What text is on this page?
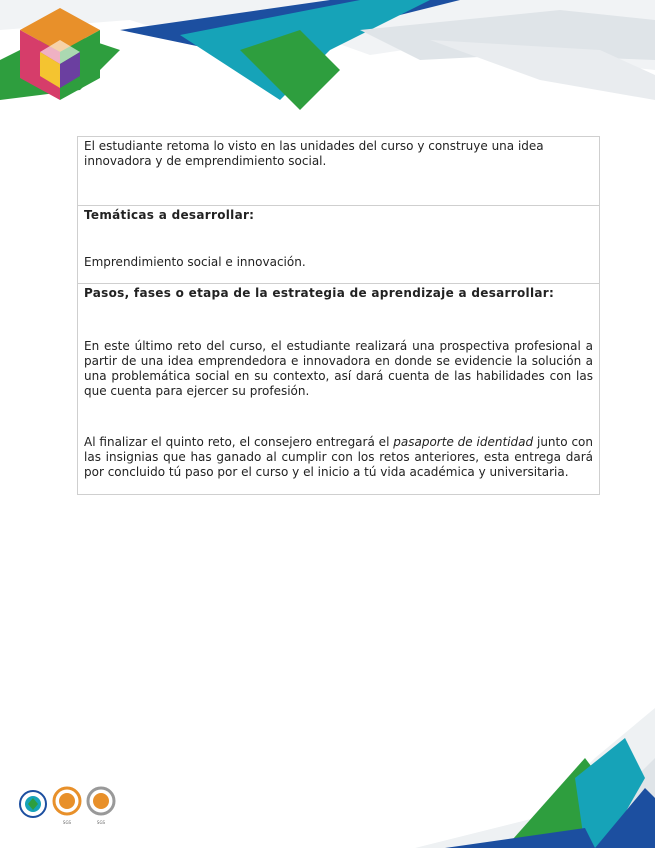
El estudiante retoma lo visto en las unidades del curso y construye una idea innovadora y de emprendimiento social.
Temáticas a desarrollar:
Emprendimiento social e innovación.
Pasos, fases o etapa de la estrategia de aprendizaje a desarrollar:
En este último reto del curso, el estudiante realizará una prospectiva profesional a partir de una idea emprendedora e innovadora en donde se evidencie la solución a una problemática social en su contexto, así dará cuenta de las habilidades con las que cuenta para ejercer su profesión.
Al finalizar el quinto reto, el consejero entregará el pasaporte de identidad junto con las insignias que has ganado al cumplir con los retos anteriores, esta entrega dará por concluido tú paso por el curso y el inicio a tú vida académica y universitaria.
SGS	SGS
